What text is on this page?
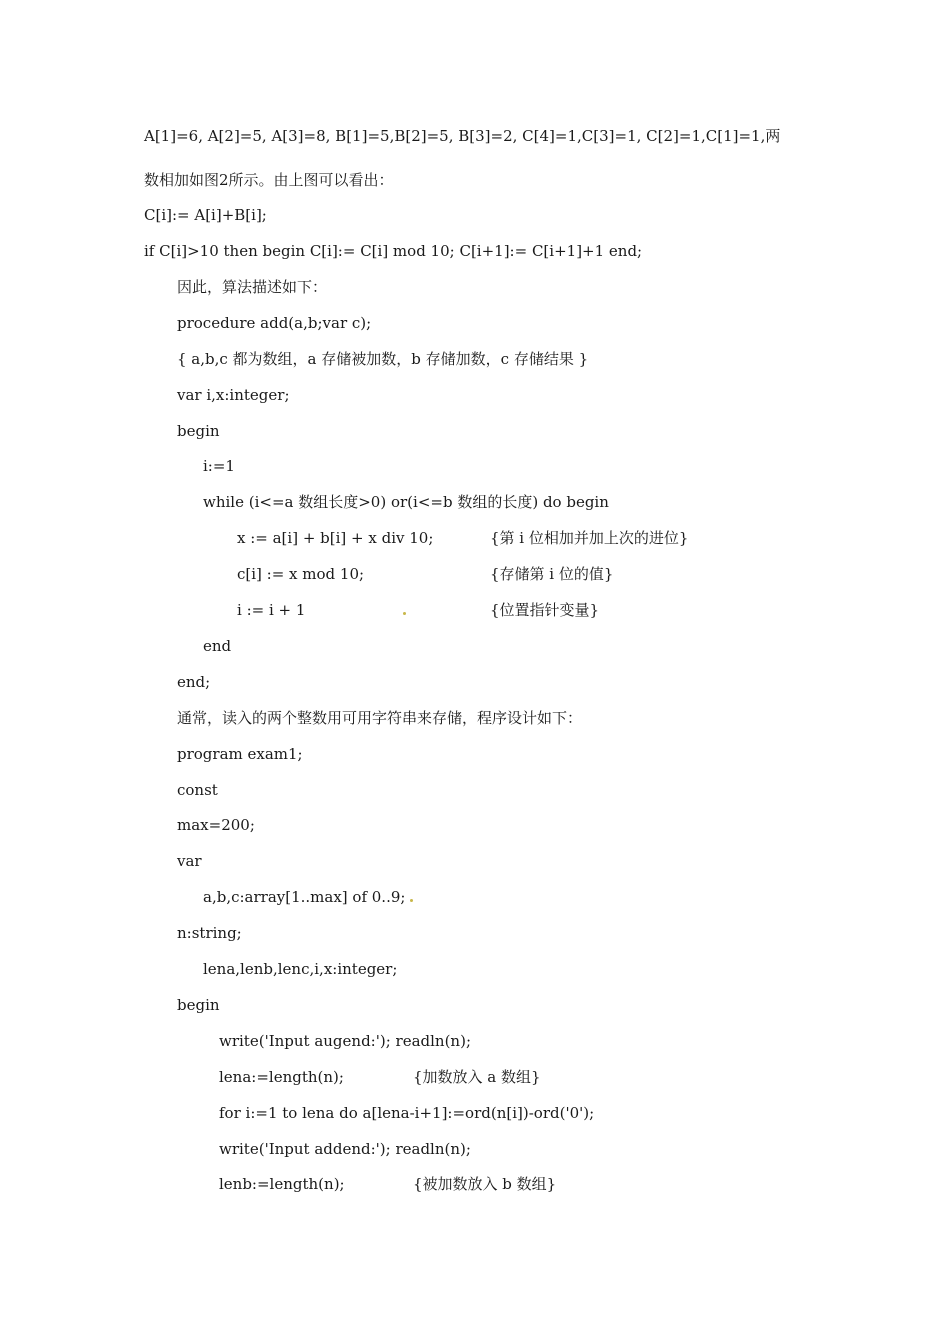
A[1]=6, A[2]=5, A[3]=8, B[1]=5,B[2]=5, B[3]=2, C[4]=1,C[3]=1, C[2]=1,C[1]=1,两
数相加如图2所示。由上图可以看出：
C[i]:= A[i]+B[i];
if C[i]>10 then begin C[i]:= C[i] mod 10; C[i+1]:= C[i+1]+1 end;
因此，算法描述如下：
procedure add(a,b;var c);
{ a,b,c 都为数组，a 存储被加数，b 存储加数，c 存储结果 }
var i,x:integer;
begin
i:=1
while (i<=a 数组长度>0) or(i<=b 数组的长度) do begin
x := a[i] + b[i] + x div 10;	{第 i 位相加并加上次的进位}
c[i] := x mod 10;	{存储第 i 位的值}
i := i + 1	{位置指针变量}
end
end;
通常，读入的两个整数用可用字符串来存储，程序设计如下：
program exam1;
const
max=200;
var
a,b,c:array[1..max] of 0..9;
n:string;
lena,lenb,lenc,i,x:integer;
begin
write('Input augend:'); readln(n);
lena:=length(n);	{加数放入 a 数组}
for i:=1 to lena do a[lena-i+1]:=ord(n[i])-ord('0');
write('Input addend:'); readln(n);
lenb:=length(n);	{被加数放入 b 数组}
